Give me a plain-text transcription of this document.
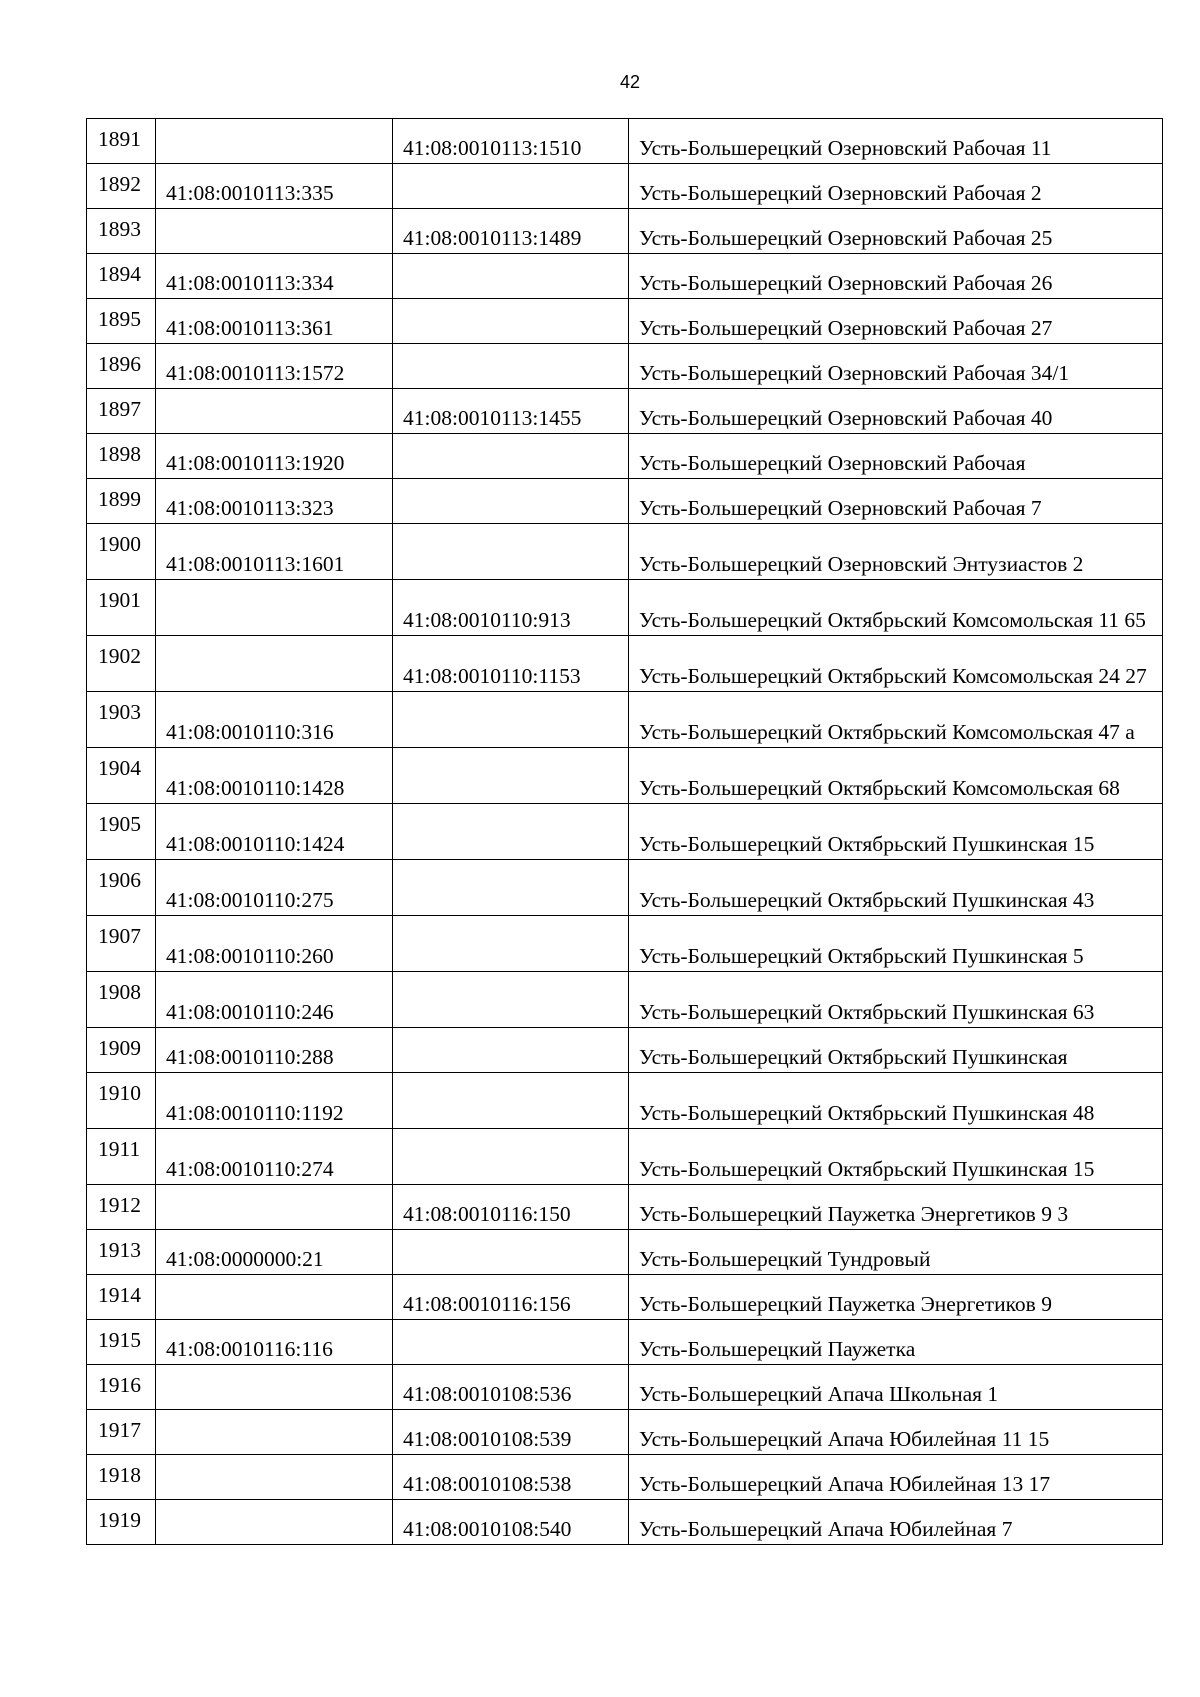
42
1891		41:08:0010113:1510	Усть-Большерецкий Озерновский Рабочая 11
1892	41:08:0010113:335		Усть-Большерецкий Озерновский Рабочая 2
1893		41:08:0010113:1489	Усть-Большерецкий Озерновский Рабочая 25
1894	41:08:0010113:334		Усть-Большерецкий Озерновский Рабочая 26
1895	41:08:0010113:361		Усть-Большерецкий Озерновский Рабочая 27
1896	41:08:0010113:1572		Усть-Большерецкий Озерновский Рабочая 34/1
1897		41:08:0010113:1455	Усть-Большерецкий Озерновский Рабочая 40
1898	41:08:0010113:1920		Усть-Большерецкий Озерновский Рабочая
1899	41:08:0010113:323		Усть-Большерецкий Озерновский Рабочая 7
1900	41:08:0010113:1601		Усть-Большерецкий Озерновский Энтузиастов 2
1901		41:08:0010110:913	Усть-Большерецкий Октябрьский Комсомольская 11 65
1902		41:08:0010110:1153	Усть-Большерецкий Октябрьский Комсомольская 24 27
1903	41:08:0010110:316		Усть-Большерецкий Октябрьский Комсомольская 47 а
1904	41:08:0010110:1428		Усть-Большерецкий Октябрьский Комсомольская 68
1905	41:08:0010110:1424		Усть-Большерецкий Октябрьский Пушкинская 15
1906	41:08:0010110:275		Усть-Большерецкий Октябрьский Пушкинская 43
1907	41:08:0010110:260		Усть-Большерецкий Октябрьский Пушкинская 5
1908	41:08:0010110:246		Усть-Большерецкий Октябрьский Пушкинская 63
1909	41:08:0010110:288		Усть-Большерецкий Октябрьский Пушкинская
1910	41:08:0010110:1192		Усть-Большерецкий Октябрьский Пушкинская 48
1911	41:08:0010110:274		Усть-Большерецкий Октябрьский Пушкинская 15
1912		41:08:0010116:150	Усть-Большерецкий Паужетка Энергетиков 9 3
1913	41:08:0000000:21		Усть-Большерецкий Тундровый
1914		41:08:0010116:156	Усть-Большерецкий Паужетка Энергетиков 9
1915	41:08:0010116:116		Усть-Большерецкий Паужетка
1916		41:08:0010108:536	Усть-Большерецкий Апача Школьная 1
1917		41:08:0010108:539	Усть-Большерецкий Апача Юбилейная 11 15
1918		41:08:0010108:538	Усть-Большерецкий Апача Юбилейная 13 17
1919		41:08:0010108:540	Усть-Большерецкий Апача Юбилейная 7
